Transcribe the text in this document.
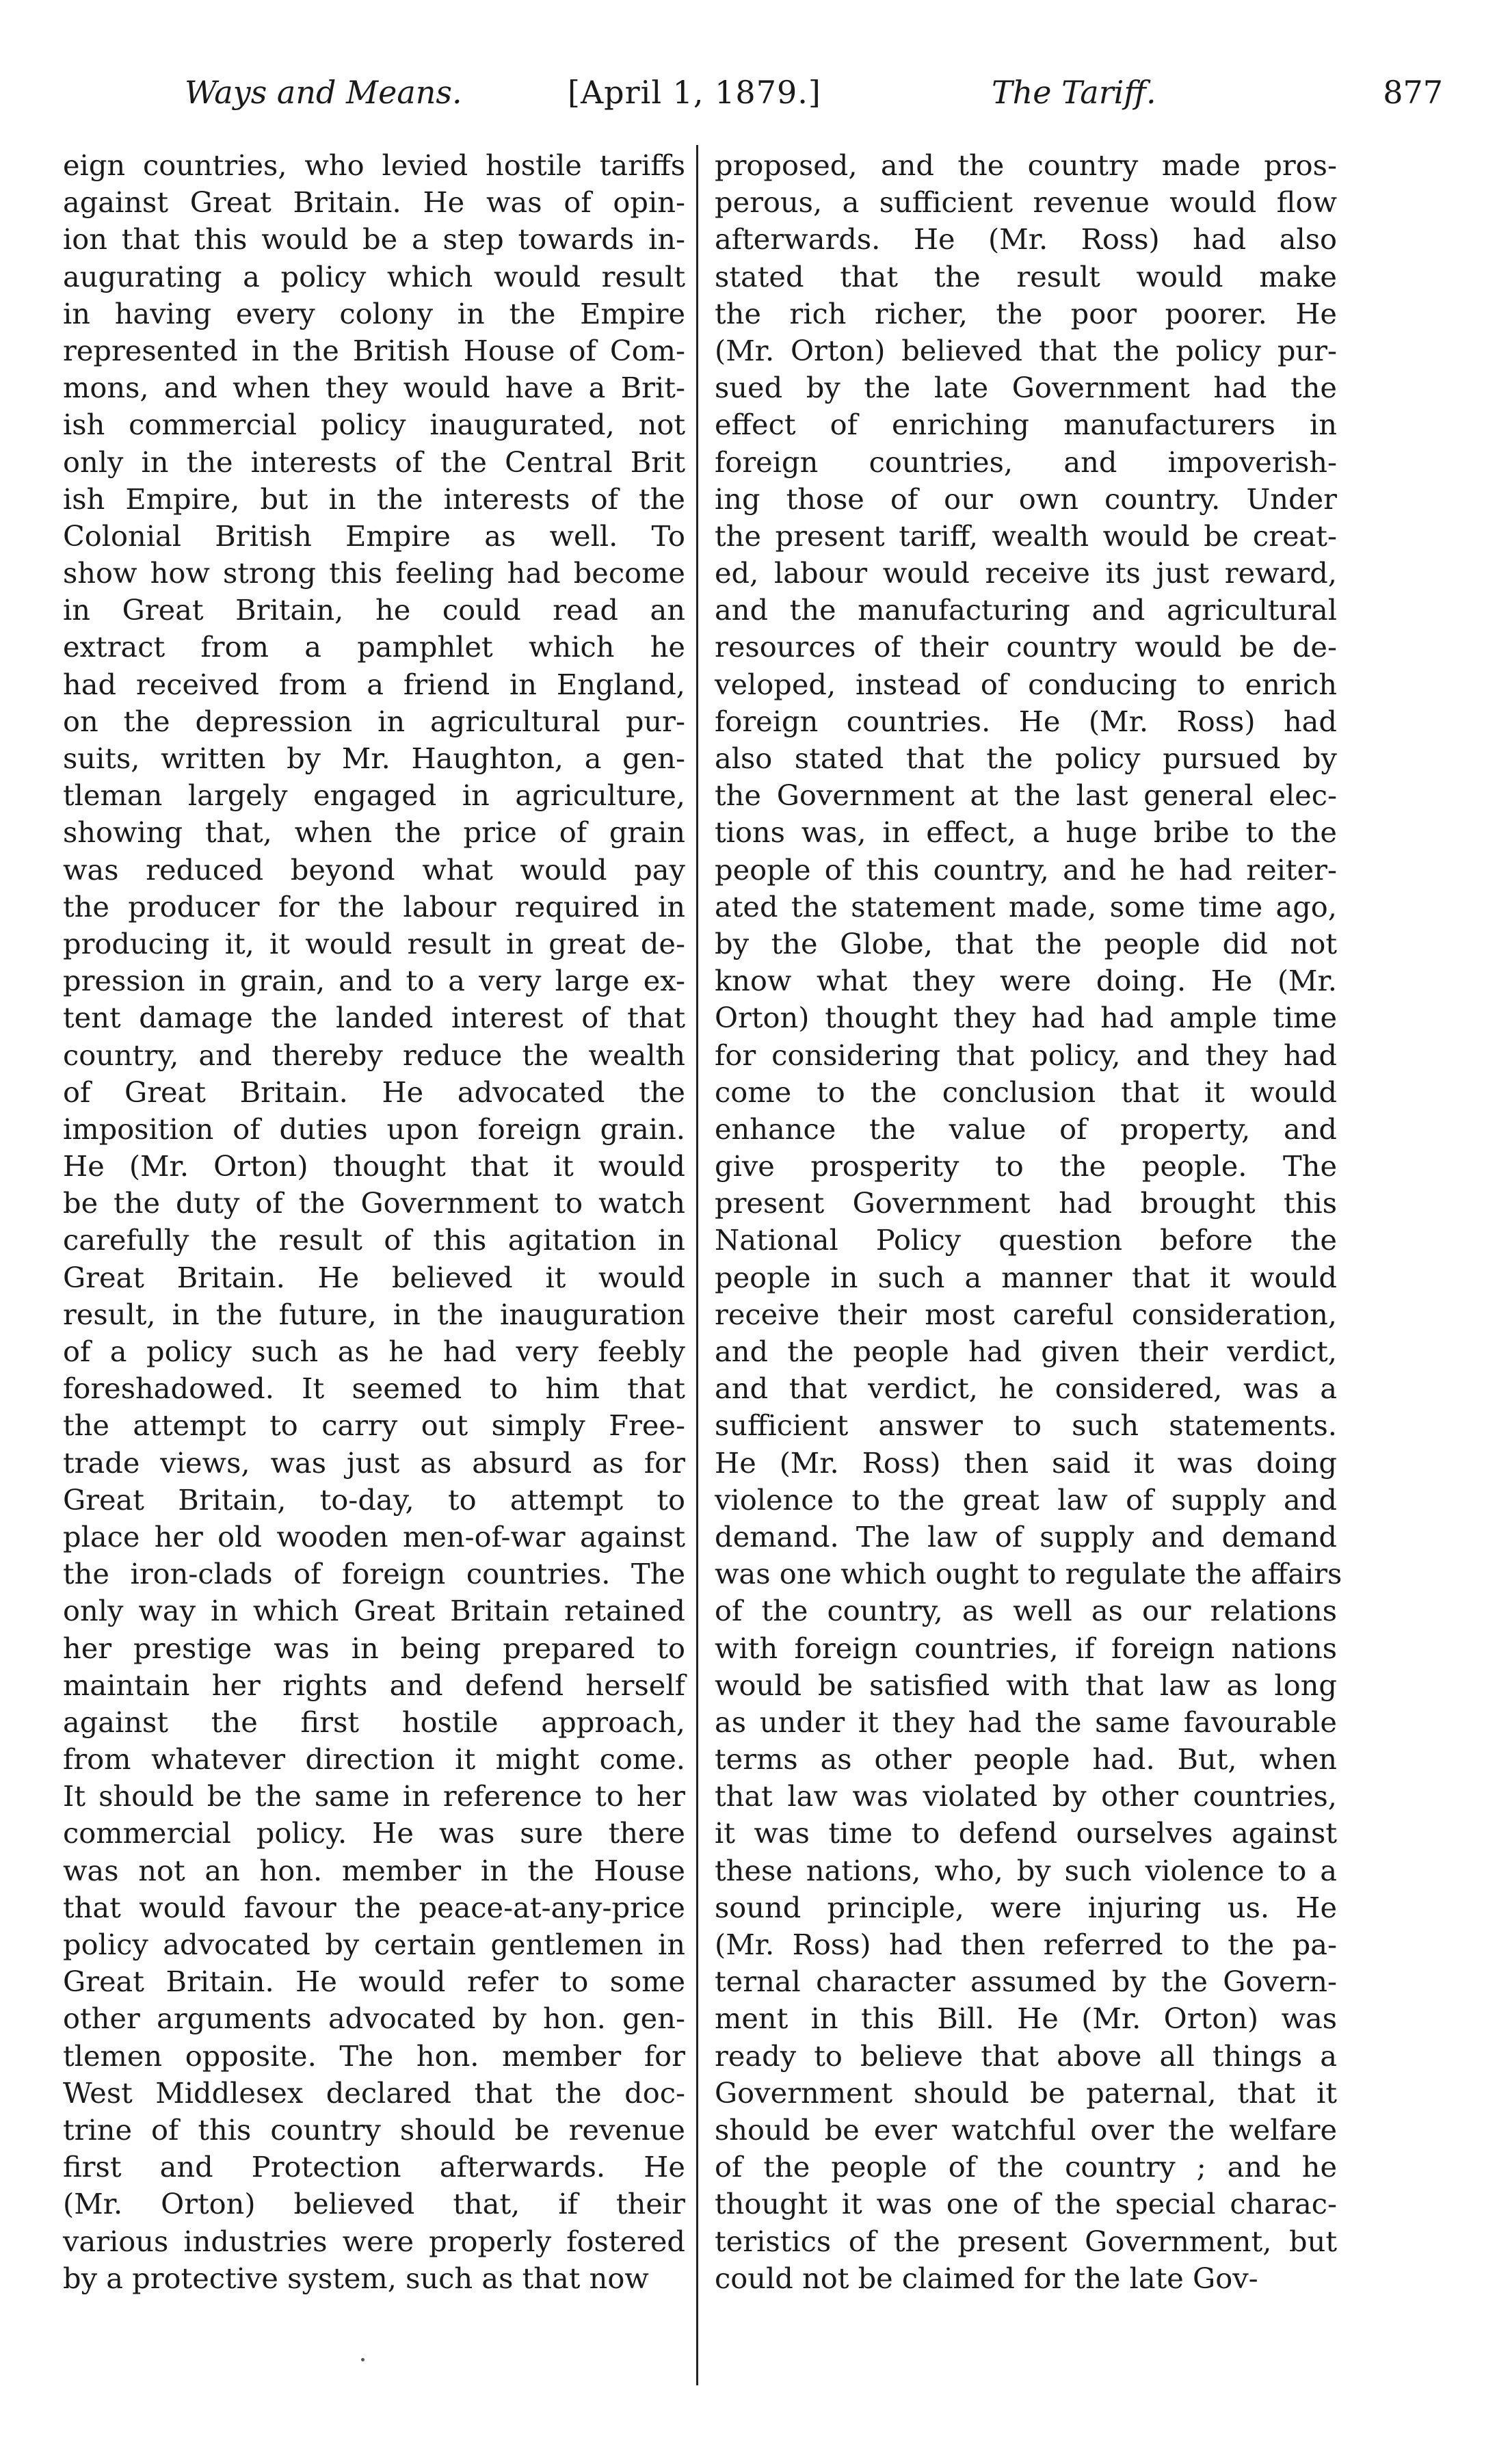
Ways and Means.	[April 1, 1879.]	The Tariff.	877
eign countries, who levied hostile tariffs
against Great Britain. He was of opin-
ion that this would be a step towards in-
augurating a policy which would result
in having every colony in the Empire
represented in the British House of Com-
mons, and when they would have a Brit-
ish commercial policy inaugurated, not
only in the interests of the Central Brit
ish Empire, but in the interests of the
Colonial British Empire as well. To
show how strong this feeling had become
in Great Britain, he could read an
extract from a pamphlet which he
had received from a friend in England,
on the depression in agricultural pur-
suits, written by Mr. Haughton, a gen-
tleman largely engaged in agriculture,
showing that, when the price of grain
was reduced beyond what would pay
the producer for the labour required in
producing it, it would result in great de-
pression in grain, and to a very large ex-
tent damage the landed interest of that
country, and thereby reduce the wealth
of Great Britain. He advocated the
imposition of duties upon foreign grain.
He (Mr. Orton) thought that it would
be the duty of the Government to watch
carefully the result of this agitation in
Great Britain. He believed it would
result, in the future, in the inauguration
of a policy such as he had very feebly
foreshadowed. It seemed to him that
the attempt to carry out simply Free-
trade views, was just as absurd as for
Great Britain, to-day, to attempt to
place her old wooden men-of-war against
the iron-clads of foreign countries. The
only way in which Great Britain retained
her prestige was in being prepared to
maintain her rights and defend herself
against the first hostile approach,
from whatever direction it might come.
It should be the same in reference to her
commercial policy. He was sure there
was not an hon. member in the House
that would favour the peace-at-any-price
policy advocated by certain gentlemen in
Great Britain. He would refer to some
other arguments advocated by hon. gen-
tlemen opposite. The hon. member for
West Middlesex declared that the doc-
trine of this country should be revenue
first and Protection afterwards. He
(Mr. Orton) believed that, if their
various industries were properly fostered
by a protective system, such as that now
proposed, and the country made pros-
perous, a sufficient revenue would flow
afterwards. He (Mr. Ross) had also
stated that the result would make
the rich richer, the poor poorer. He
(Mr. Orton) believed that the policy pur-
sued by the late Government had the
effect of enriching manufacturers in
foreign countries, and impoverish-
ing those of our own country. Under
the present tariff, wealth would be creat-
ed, labour would receive its just reward,
and the manufacturing and agricultural
resources of their country would be de-
veloped, instead of conducing to enrich
foreign countries. He (Mr. Ross) had
also stated that the policy pursued by
the Government at the last general elec-
tions was, in effect, a huge bribe to the
people of this country, and he had reiter-
ated the statement made, some time ago,
by the Globe, that the people did not
know what they were doing. He (Mr.
Orton) thought they had had ample time
for considering that policy, and they had
come to the conclusion that it would
enhance the value of property, and
give prosperity to the people. The
present Government had brought this
National Policy question before the
people in such a manner that it would
receive their most careful consideration,
and the people had given their verdict,
and that verdict, he considered, was a
sufficient answer to such statements.
He (Mr. Ross) then said it was doing
violence to the great law of supply and
demand. The law of supply and demand
was one which ought to regulate the affairs
of the country, as well as our relations
with foreign countries, if foreign nations
would be satisfied with that law as long
as under it they had the same favourable
terms as other people had. But, when
that law was violated by other countries,
it was time to defend ourselves against
these nations, who, by such violence to a
sound principle, were injuring us. He
(Mr. Ross) had then referred to the pa-
ternal character assumed by the Govern-
ment in this Bill. He (Mr. Orton) was
ready to believe that above all things a
Government should be paternal, that it
should be ever watchful over the welfare
of the people of the country ; and he
thought it was one of the special charac-
teristics of the present Government, but
could not be claimed for the late Gov-
